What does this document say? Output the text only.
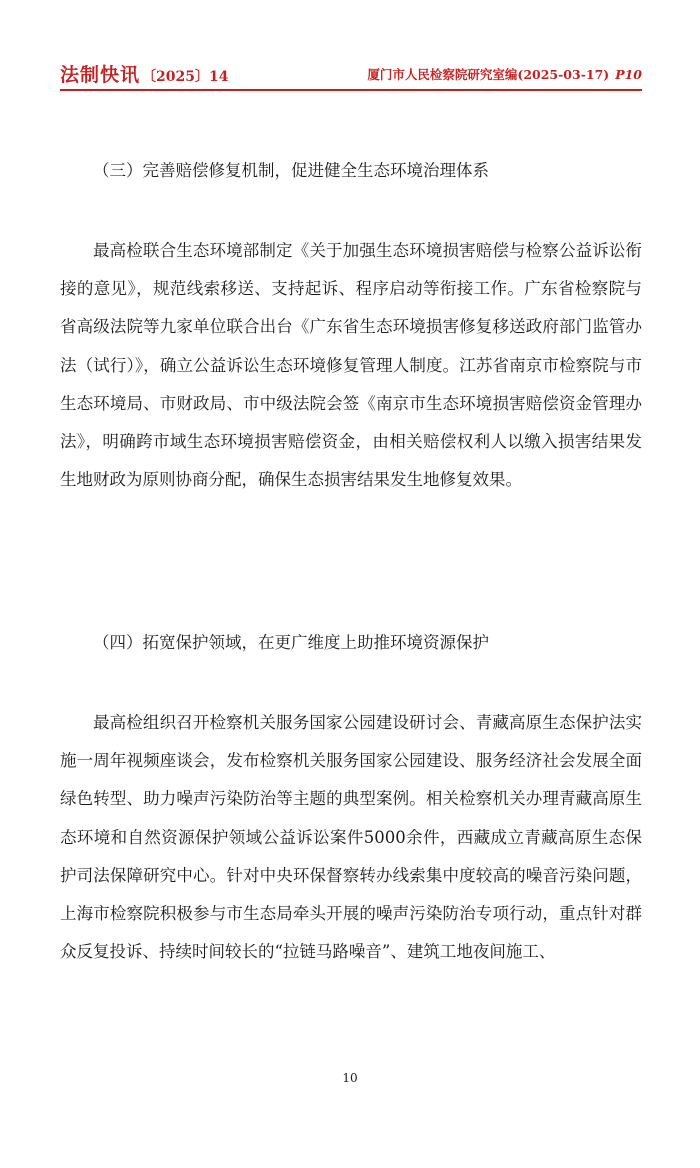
法制快讯 〔2025〕14	厦门市人民检察院研究室编(2025-03-17) P10
（三）完善赔偿修复机制，促进健全生态环境治理体系

最高检联合生态环境部制定《关于加强生态环境损害赔偿与检察公益诉讼衔接的意见》，规范线索移送、支持起诉、程序启动等衔接工作。广东省检察院与省高级法院等九家单位联合出台《广东省生态环境损害修复移送政府部门监管办法（试行）》，确立公益诉讼生态环境修复管理人制度。江苏省南京市检察院与市生态环境局、市财政局、市中级法院会签《南京市生态环境损害赔偿资金管理办法》，明确跨市域生态环境损害赔偿资金，由相关赔偿权利人以缴入损害结果发生地财政为原则协商分配，确保生态损害结果发生地修复效果。

（四）拓宽保护领域，在更广维度上助推环境资源保护

最高检组织召开检察机关服务国家公园建设研讨会、青藏高原生态保护法实施一周年视频座谈会，发布检察机关服务国家公园建设、服务经济社会发展全面绿色转型、助力噪声污染防治等主题的典型案例。相关检察机关办理青藏高原生态环境和自然资源保护领域公益诉讼案件5000余件，西藏成立青藏高原生态保护司法保障研究中心。针对中央环保督察转办线索集中度较高的噪音污染问题，上海市检察院积极参与市生态局牵头开展的噪声污染防治专项行动，重点针对群众反复投诉、持续时间较长的“拉链马路噪音”、建筑工地夜间施工、

10
